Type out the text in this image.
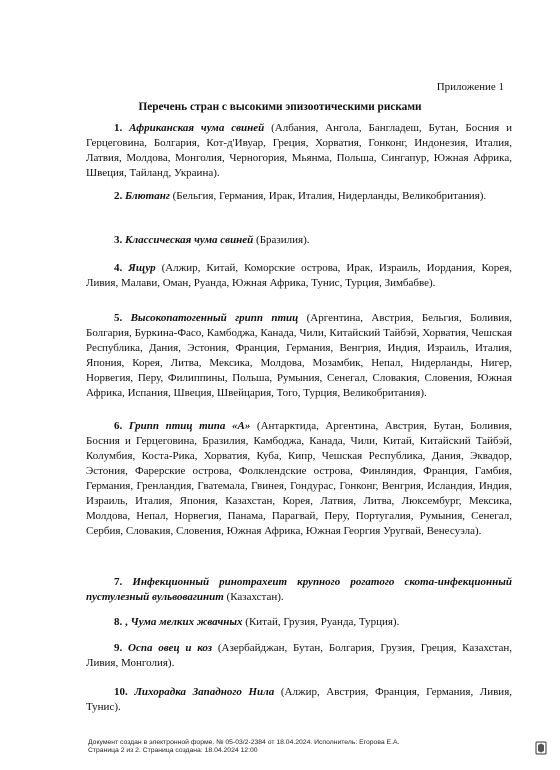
Приложение 1
Перечень стран с высокими эпизоотическими рисками

1. Африканская чума свиней (Албания, Ангола, Бангладеш, Бутан, Босния и Герцеговина, Болгария, Кот-д'Ивуар, Греция, Хорватия, Гонконг, Индонезия, Италия, Латвия, Молдова, Монголия, Черногория, Мьянма, Польша, Сингапур, Южная Африка, Швеция, Тайланд, Украина).

2. Блютанг (Бельгия, Германия, Ирак, Италия, Нидерланды, Великобритания).

3. Классическая чума свиней (Бразилия).

4. Ящур (Алжир, Китай, Коморские острова, Ирак, Израиль, Иордания, Корея, Ливия, Малави, Оман, Руанда, Южная Африка, Тунис, Турция, Зимбабве).

5. Высокопатогенный грипп птиц (Аргентина, Австрия, Бельгия, Боливия, Болгария, Буркина-Фасо, Камбоджа, Канада, Чили, Китайский Тайбэй, Хорватия, Чешская Республика, Дания, Эстония, Франция, Германия, Венгрия, Индия, Израиль, Италия, Япония, Корея, Литва, Мексика, Молдова, Мозамбик, Непал, Нидерланды, Нигер, Норвегия, Перу, Филиппины, Польша, Румыния, Сенегал, Словакия, Словения, Южная Африка, Испания, Швеция, Швейцария, Того, Турция, Великобритания).

6. Грипп птиц типа «А» (Антарктида, Аргентина, Австрия, Бутан, Боливия, Босния и Герцеговина, Бразилия, Камбоджа, Канада, Чили, Китай, Китайский Тайбэй, Колумбия, Коста-Рика, Хорватия, Куба, Кипр, Чешская Республика, Дания, Эквадор, Эстония, Фарерские острова, Фолклендские острова, Финляндия, Франция, Гамбия, Германия, Гренландия, Гватемала, Гвинея, Гондурас, Гонконг, Венгрия, Исландия, Индия, Израиль, Италия, Япония, Казахстан, Корея, Латвия, Литва, Люксембург, Мексика, Молдова, Непал, Норвегия, Панама, Парагвай, Перу, Португалия, Румыния, Сенегал, Сербия, Словакия, Словения, Южная Африка, Южная Георгия Уругвай, Венесуэла).

7. Инфекционный ринотрахеит крупного рогатого скота-инфекционный пустулезный вульвовагинит (Казахстан).

8. , Чума мелких жвачных (Китай, Грузия, Руанда, Турция).

9. Оспа овец и коз (Азербайджан, Бутан, Болгария, Грузия, Греция, Казахстан, Ливия, Монголия).

10. Лихорадка Западного Нила (Алжир, Австрия, Франция, Германия, Ливия, Тунис).

Документ создан в электронной форме. № 05-03/2-2384 от 18.04.2024. Исполнитель: Егорова Е.А.
Страница 2 из 2. Страница создана: 18.04.2024 12:00
